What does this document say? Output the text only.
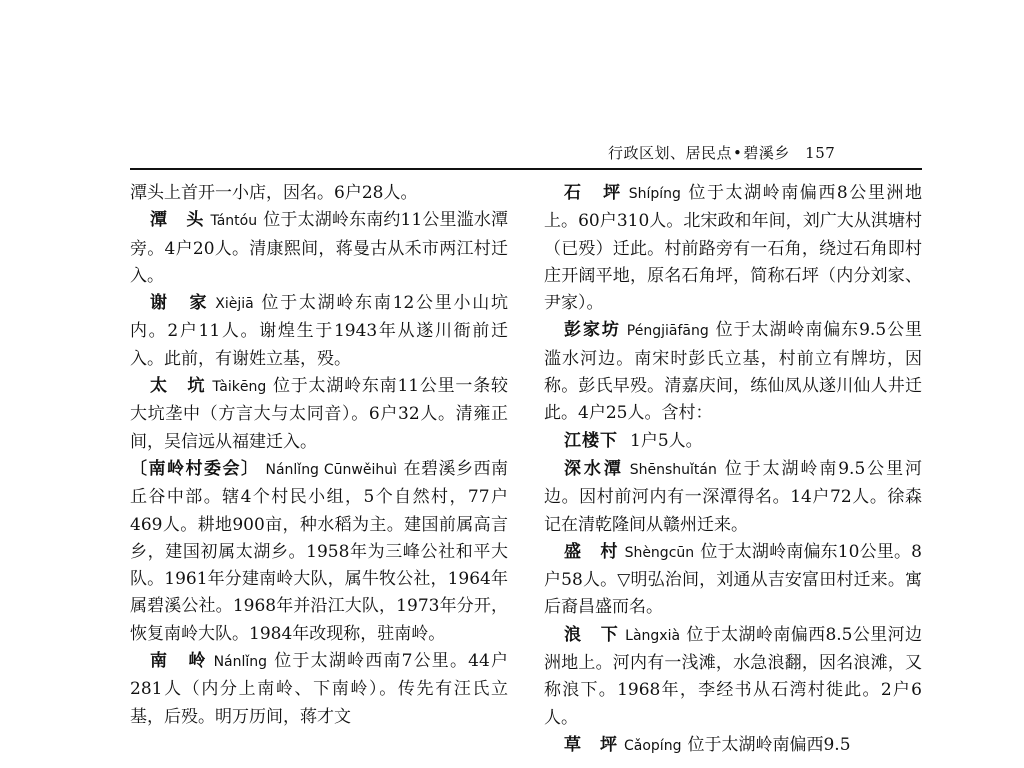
行政区划、居民点•碧溪乡 157

潭头上首开一小店，因名。6户28人。

潭　头 Tántóu 位于太湖岭东南约11公里滥水潭旁。4户20人。清康熙间，蒋曼古从禾市两江村迁入。

谢　家 Xièjiā 位于太湖岭东南12公里小山坑内。2户11人。谢煌生于1943年从遂川衙前迁入。此前，有谢姓立基，殁。

太　坑 Tàikēng 位于太湖岭东南11公里一条较大坑垄中（方言大与太同音）。6户32人。清雍正间，吴信远从福建迁入。

〔南岭村委会〕 Nánlǐng Cūnwěihuì 在碧溪乡西南丘谷中部。辖4个村民小组，5个自然村，77户469人。耕地900亩，种水稻为主。建国前属高言乡，建国初属太湖乡。1958年为三峰公社和平大队。1961年分建南岭大队，属牛牧公社，1964年属碧溪公社。1968年并沿江大队，1973年分开，恢复南岭大队。1984年改现称，驻南岭。

南　岭 Nánlǐng 位于太湖岭西南7公里。44户281人（内分上南岭、下南岭）。传先有汪氏立基，后殁。明万历间，蒋才文

石　坪 Shípíng 位于太湖岭南偏西8公里洲地上。60户310人。北宋政和年间，刘广大从淇塘村（已殁）迁此。村前路旁有一石角，绕过石角即村庄开阔平地，原名石角坪，简称石坪（内分刘家、尹家）。

彭家坊 Péngjiāfāng 位于太湖岭南偏东9.5公里滥水河边。南宋时彭氏立基，村前立有牌坊，因称。彭氏早殁。清嘉庆间，练仙凤从遂川仙人井迁此。4户25人。含村：

江楼下 1户5人。

深水潭 Shēnshuǐtán 位于太湖岭南9.5公里河边。因村前河内有一深潭得名。14户72人。徐森记在清乾隆间从赣州迁来。

盛　村 Shèngcūn 位于太湖岭南偏东10公里。8户58人。▽明弘治间，刘通从吉安富田村迁来。寓后裔昌盛而名。

浪　下 Làngxià 位于太湖岭南偏西8.5公里河边洲地上。河内有一浅滩，水急浪翻，因名浪滩，又称浪下。1968年，李经书从石湾村徙此。2户6人。

草　坪 Cǎopíng 位于太湖岭南偏西9.5
